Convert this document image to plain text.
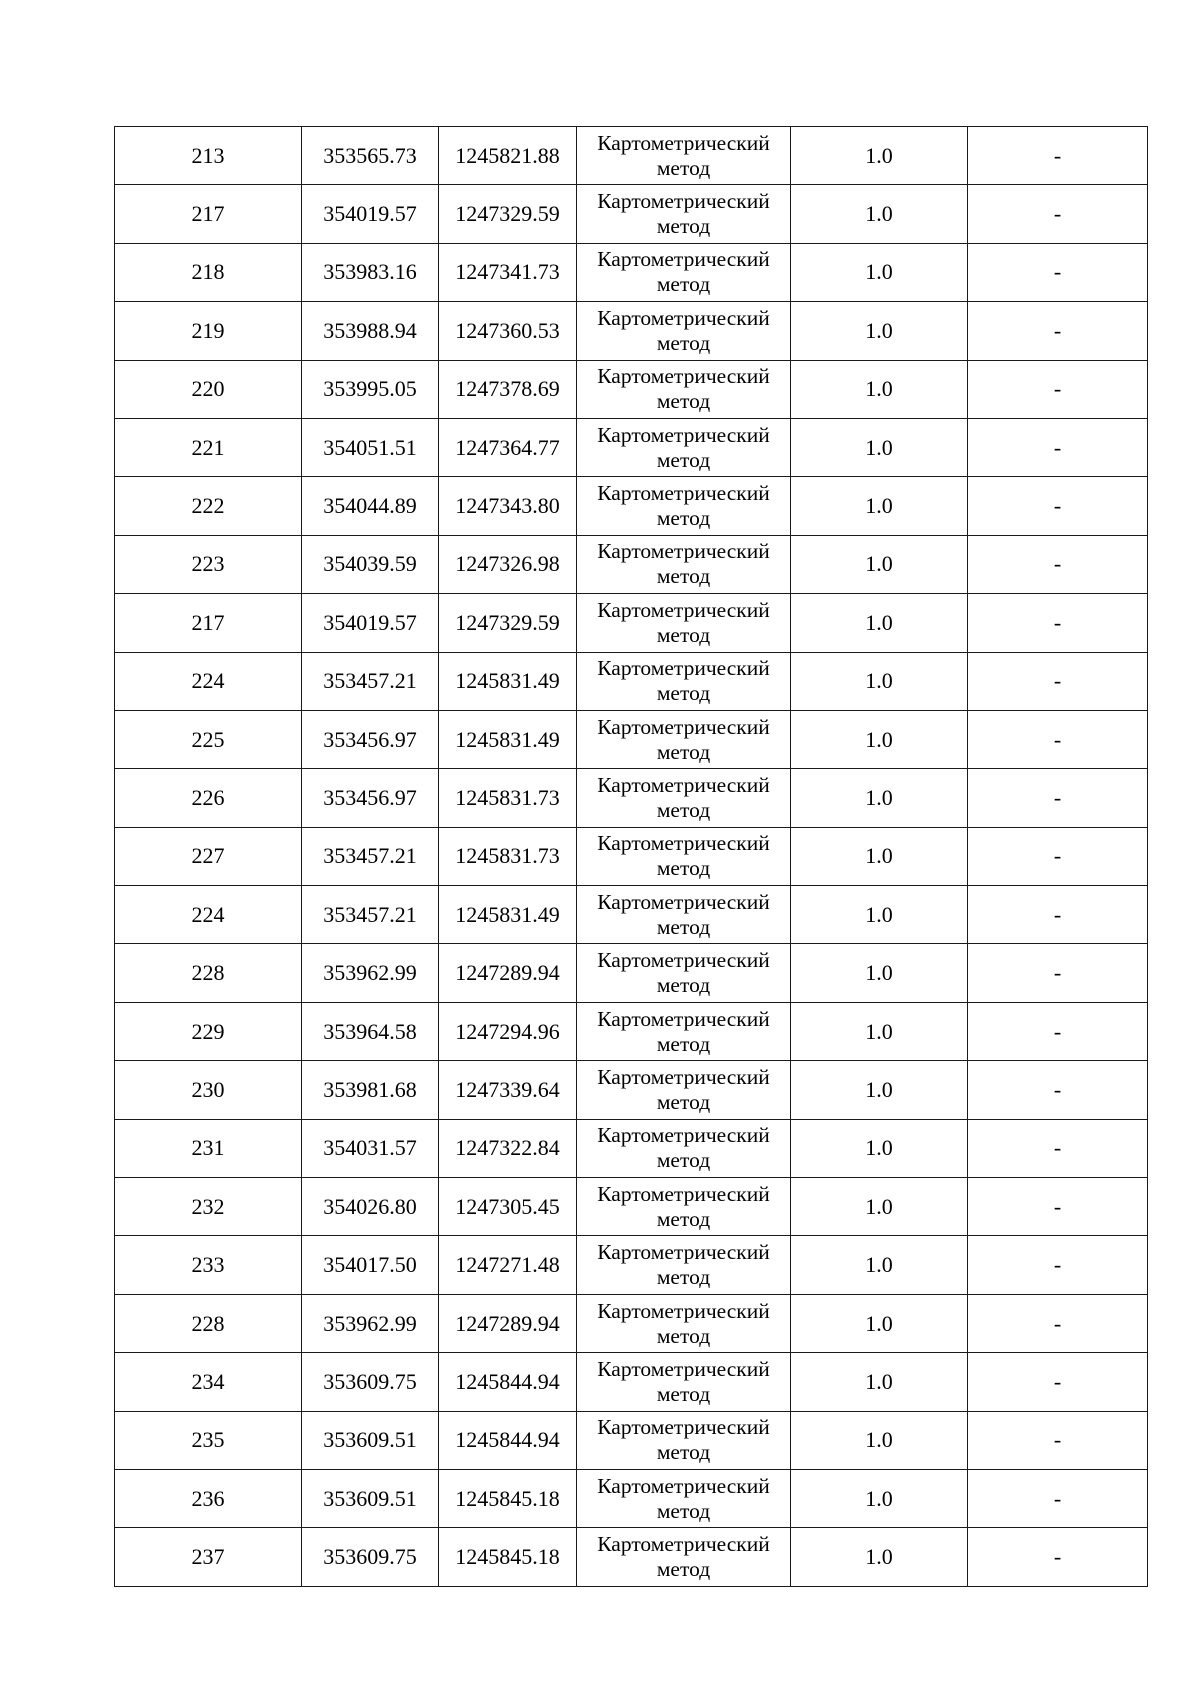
213	353565.73	1245821.88	Картометрический метод	1.0	-
217	354019.57	1247329.59	Картометрический метод	1.0	-
218	353983.16	1247341.73	Картометрический метод	1.0	-
219	353988.94	1247360.53	Картометрический метод	1.0	-
220	353995.05	1247378.69	Картометрический метод	1.0	-
221	354051.51	1247364.77	Картометрический метод	1.0	-
222	354044.89	1247343.80	Картометрический метод	1.0	-
223	354039.59	1247326.98	Картометрический метод	1.0	-
217	354019.57	1247329.59	Картометрический метод	1.0	-
224	353457.21	1245831.49	Картометрический метод	1.0	-
225	353456.97	1245831.49	Картометрический метод	1.0	-
226	353456.97	1245831.73	Картометрический метод	1.0	-
227	353457.21	1245831.73	Картометрический метод	1.0	-
224	353457.21	1245831.49	Картометрический метод	1.0	-
228	353962.99	1247289.94	Картометрический метод	1.0	-
229	353964.58	1247294.96	Картометрический метод	1.0	-
230	353981.68	1247339.64	Картометрический метод	1.0	-
231	354031.57	1247322.84	Картометрический метод	1.0	-
232	354026.80	1247305.45	Картометрический метод	1.0	-
233	354017.50	1247271.48	Картометрический метод	1.0	-
228	353962.99	1247289.94	Картометрический метод	1.0	-
234	353609.75	1245844.94	Картометрический метод	1.0	-
235	353609.51	1245844.94	Картометрический метод	1.0	-
236	353609.51	1245845.18	Картометрический метод	1.0	-
237	353609.75	1245845.18	Картометрический метод	1.0	-
